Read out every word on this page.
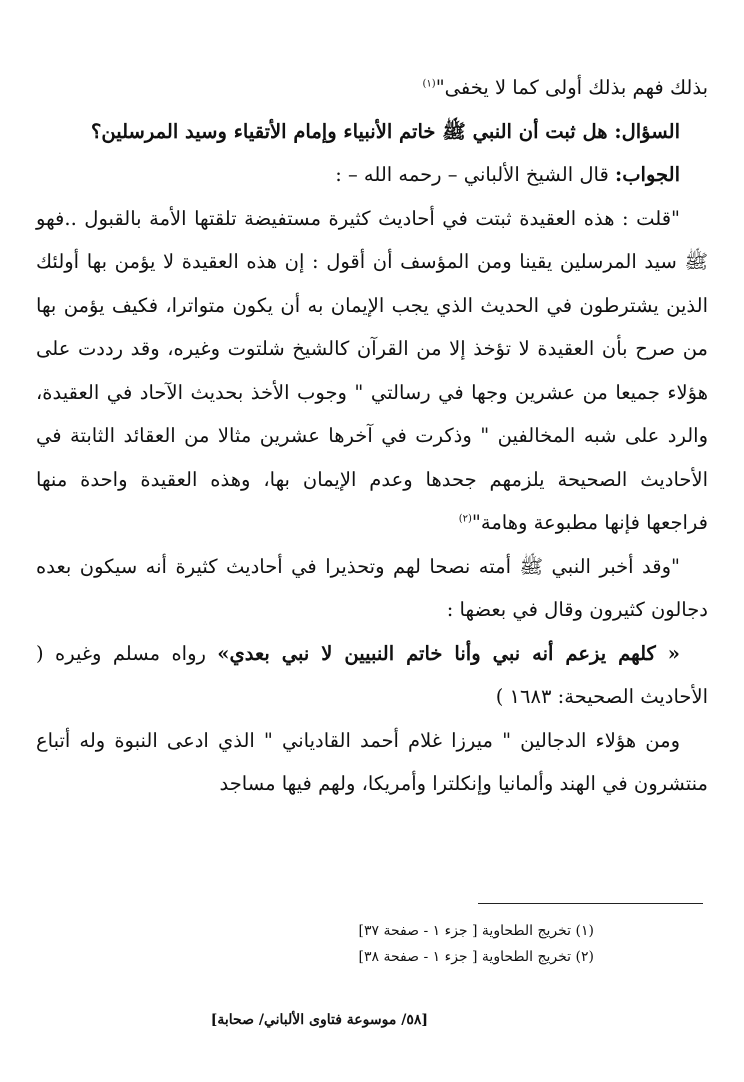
بذلك فهم بذلك أولى كما لا يخفى"$^{(١)}$

السؤال: هل ثبت أن النبي ﷺ خاتم الأنبياء وإمام الأتقياء وسيد المرسلين؟

الجواب: قال الشيخ الألباني – رحمه الله – :

"قلت : هذه العقيدة ثبتت في أحاديث كثيرة مستفيضة تلقتها الأمة بالقبول ..فهو ﷺ سيد المرسلين يقينا ومن المؤسف أن أقول : إن هذه العقيدة لا يؤمن بها أولئك الذين يشترطون في الحديث الذي يجب الإيمان به أن يكون متواترا، فكيف يؤمن بها من صرح بأن العقيدة لا تؤخذ إلا من القرآن كالشيخ شلتوت وغيره، وقد رددت على هؤلاء جميعا من عشرين وجها في رسالتي " وجوب الأخذ بحديث الآحاد في العقيدة، والرد على شبه المخالفين " وذكرت في آخرها عشرين مثالا من العقائد الثابتة في الأحاديث الصحيحة يلزمهم جحدها وعدم الإيمان بها، وهذه العقيدة واحدة منها فراجعها فإنها مطبوعة وهامة"$^{(٢)}$

"وقد أخبر النبي ﷺ أمته نصحا لهم وتحذيرا في أحاديث كثيرة أنه سيكون بعده دجالون كثيرون وقال في بعضها :

« كلهم يزعم أنه نبي وأنا خاتم النبيين لا نبي بعدي» رواه مسلم وغيره ( الأحاديث الصحيحة: ١٦٨٣ )

ومن هؤلاء الدجالين " ميرزا غلام أحمد القادياني " الذي ادعى النبوة وله أتباع منتشرون في الهند وألمانيا وإنكلترا وأمريكا، ولهم فيها مساجد

(١) تخريج الطحاوية [ جزء ١ - صفحة ٣٧]
(٢) تخريج الطحاوية [ جزء ١ - صفحة ٣٨]
[٥٨/ موسوعة فتاوى الألباني/ صحابة]
